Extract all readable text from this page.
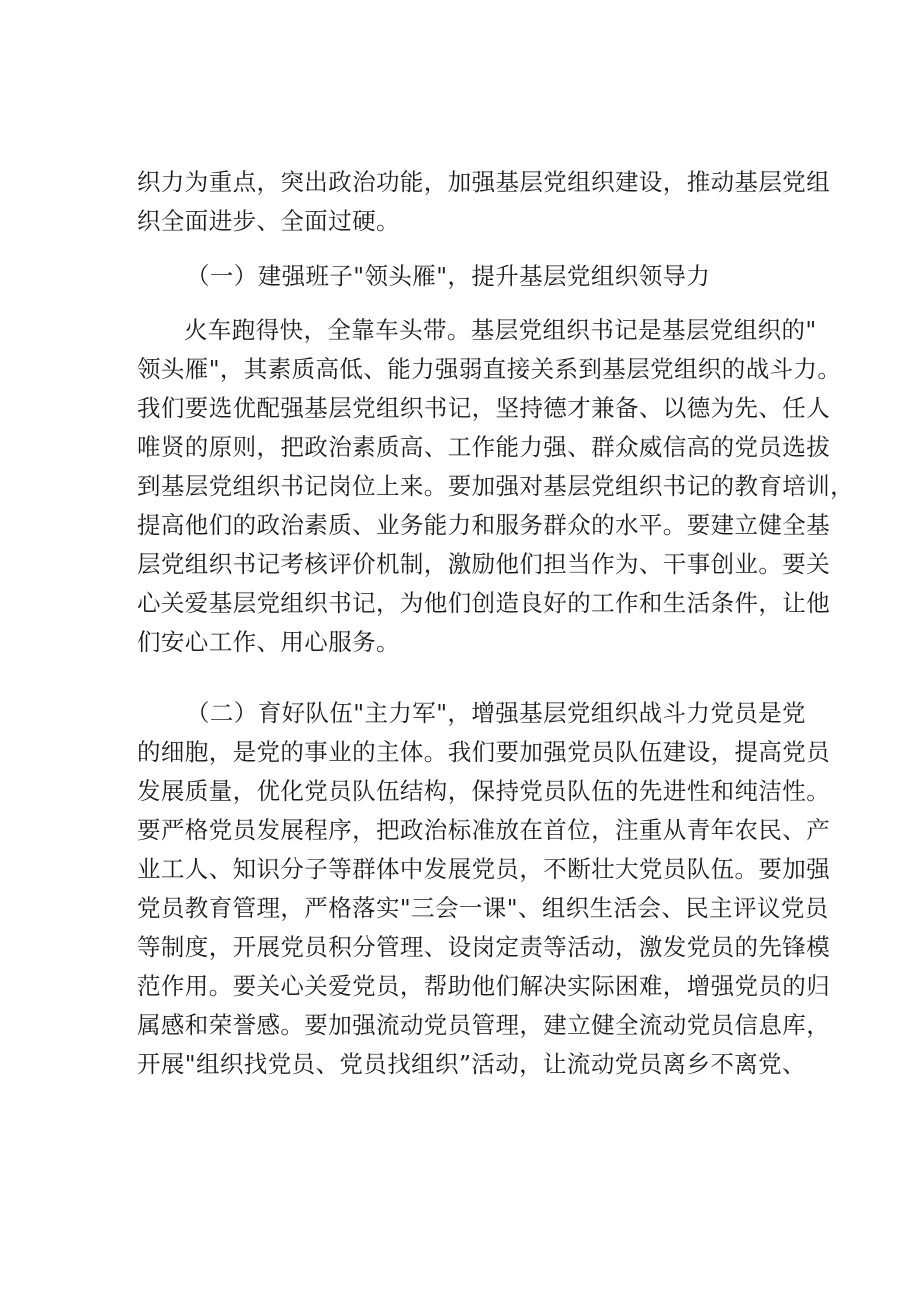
织力为重点，突出政治功能，加强基层党组织建设，推动基层党组
织全面进步、全面过硬。
（一）建强班子"领头雁"，提升基层党组织领导力
火车跑得快，全靠车头带。基层党组织书记是基层党组织的"
领头雁"，其素质高低、能力强弱直接关系到基层党组织的战斗力。
我们要选优配强基层党组织书记，坚持德才兼备、以德为先、任人
唯贤的原则，把政治素质高、工作能力强、群众威信高的党员选拔
到基层党组织书记岗位上来。要加强对基层党组织书记的教育培训，
提高他们的政治素质、业务能力和服务群众的水平。要建立健全基
层党组织书记考核评价机制，激励他们担当作为、干事创业。要关
心关爱基层党组织书记，为他们创造良好的工作和生活条件，让他
们安心工作、用心服务。
（二）育好队伍"主力军"，增强基层党组织战斗力党员是党
的细胞，是党的事业的主体。我们要加强党员队伍建设，提高党员
发展质量，优化党员队伍结构，保持党员队伍的先进性和纯洁性。
要严格党员发展程序，把政治标准放在首位，注重从青年农民、产
业工人、知识分子等群体中发展党员，不断壮大党员队伍。要加强
党员教育管理，严格落实"三会一课"、组织生活会、民主评议党员
等制度，开展党员积分管理、设岗定责等活动，激发党员的先锋模
范作用。要关心关爱党员，帮助他们解决实际困难，增强党员的归
属感和荣誉感。要加强流动党员管理，建立健全流动党员信息库，
开展"组织找党员、党员找组织”活动，让流动党员离乡不离党、
